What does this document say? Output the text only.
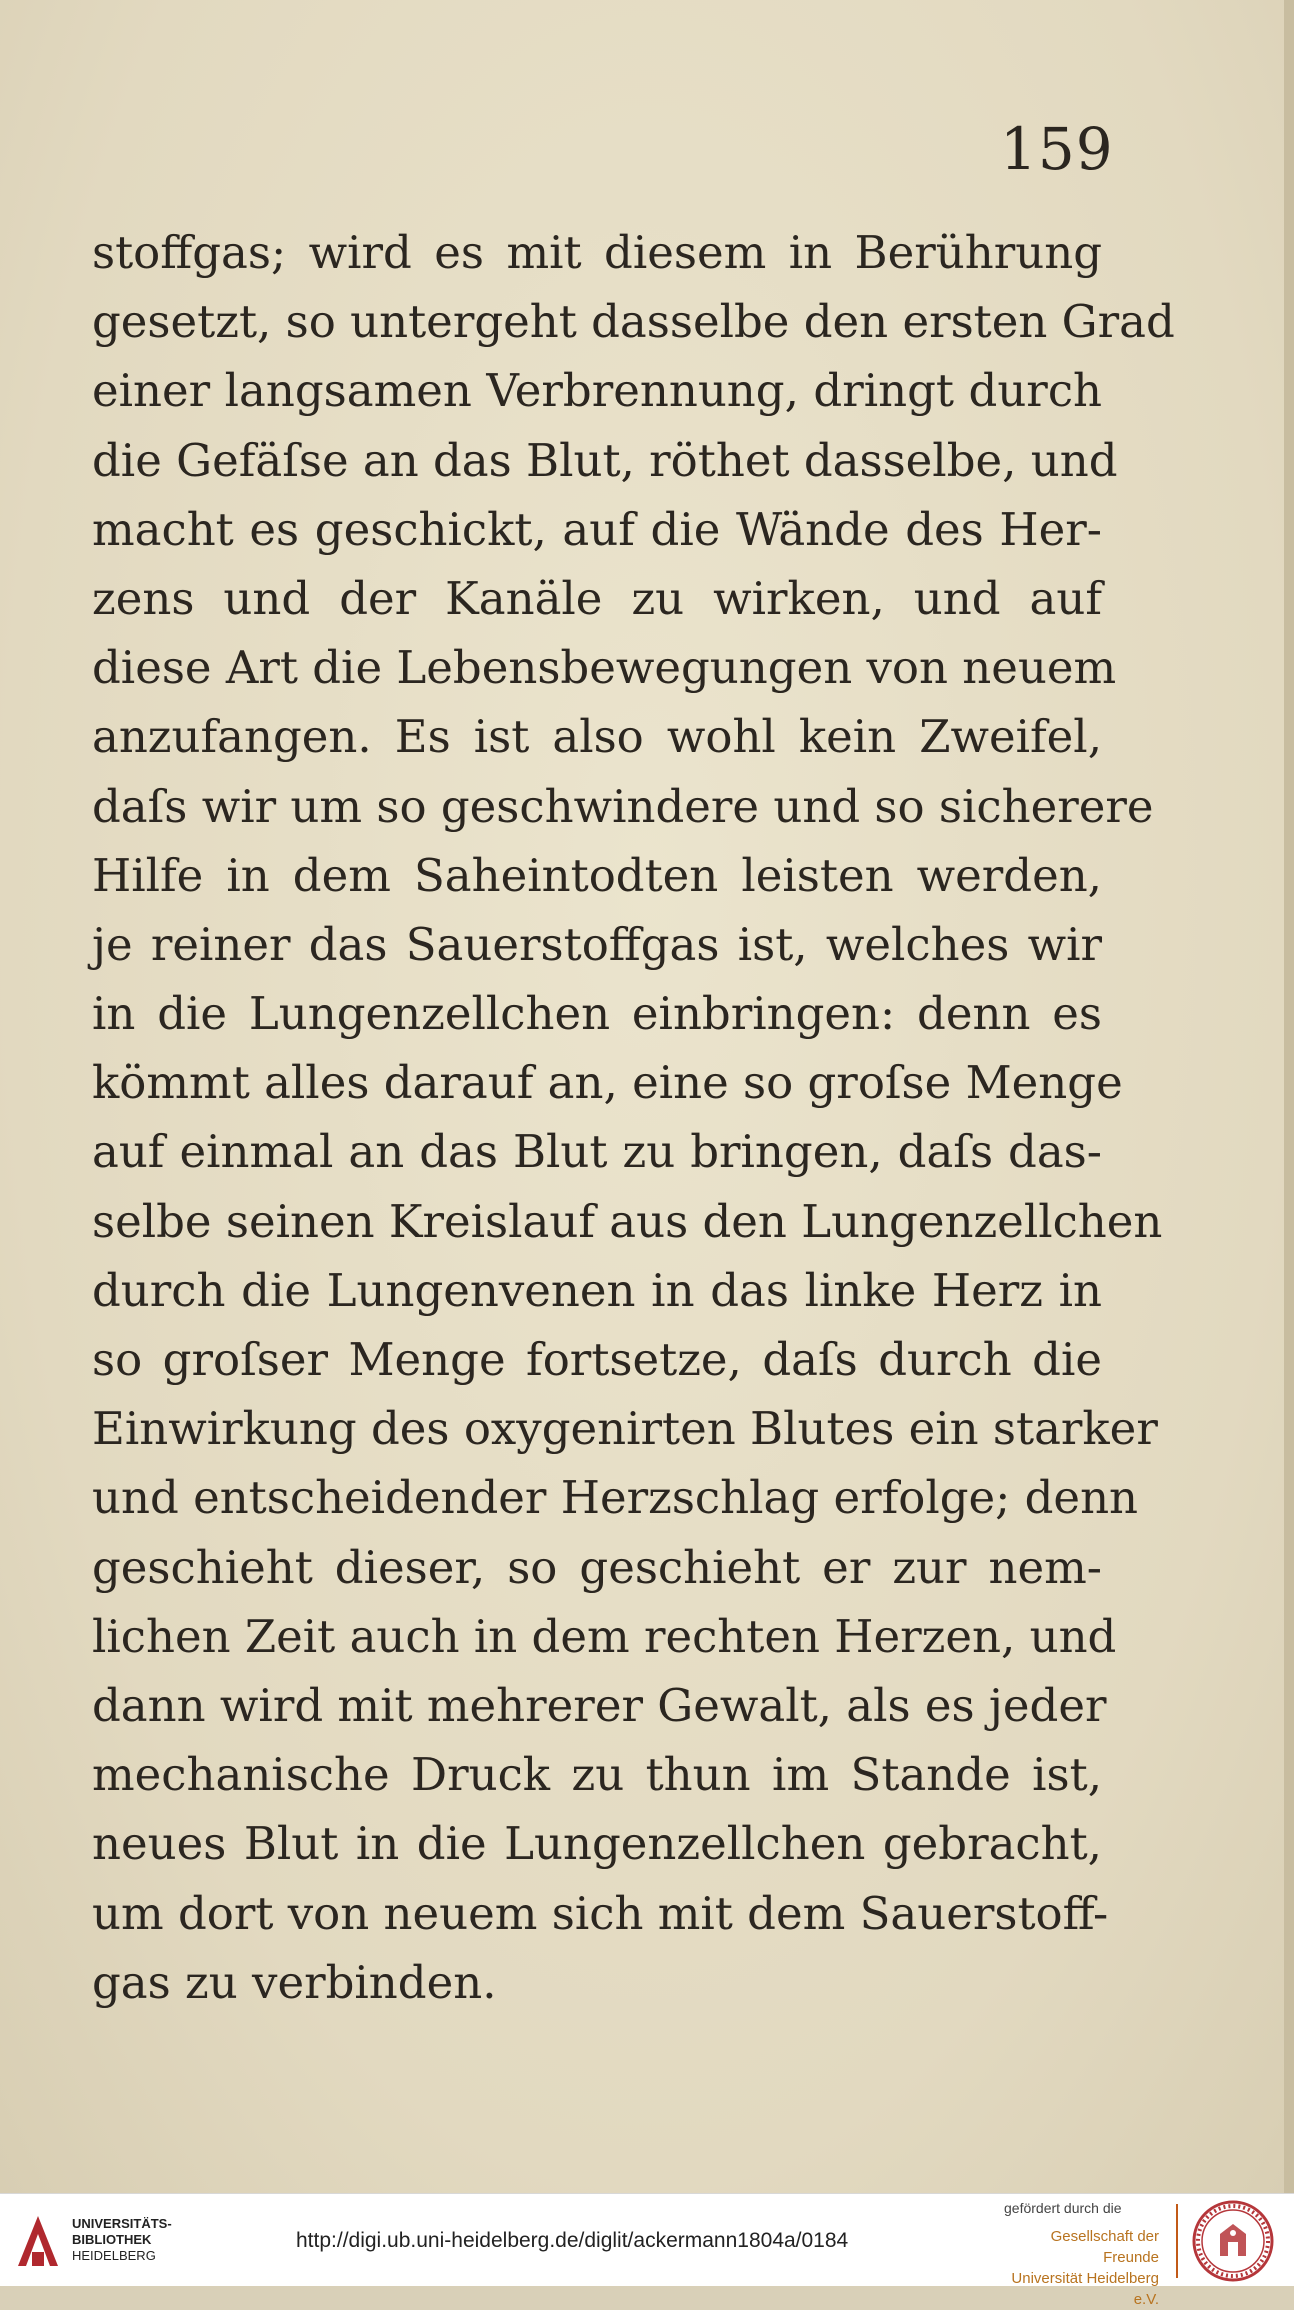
159
stoffgas; wird es mit diesem in Berührung
gesetzt, so untergeht dasselbe den ersten Grad
einer langsamen Verbrennung, dringt durch
die Gefäſse an das Blut, röthet dasselbe, und
macht es geschickt, auf die Wände des Her-
zens und der Kanäle zu wirken, und auf
diese Art die Lebensbewegungen von neuem
anzufangen. Es ist also wohl kein Zweifel,
daſs wir um so geschwindere und so sicherere
Hilfe in dem Saheintodten leisten werden,
je reiner das Sauerstoffgas ist, welches wir
in die Lungenzellchen einbringen: denn es
kömmt alles darauf an, eine so groſse Menge
auf einmal an das Blut zu bringen, daſs das-
selbe seinen Kreislauf aus den Lungenzellchen
durch die Lungenvenen in das linke Herz in
so groſser Menge fortsetze, daſs durch die
Einwirkung des oxygenirten Blutes ein starker
und entscheidender Herzschlag erfolge; denn
geschieht dieser, so geschieht er zur nem-
lichen Zeit auch in dem rechten Herzen, und
dann wird mit mehrerer Gewalt, als es jeder
mechanische Druck zu thun im Stande ist,
neues Blut in die Lungenzellchen gebracht,
um dort von neuem sich mit dem Sauerstoff-
gas zu verbinden.
UNIVERSITÄTS-
BIBLIOTHEK
HEIDELBERG
http://digi.ub.uni-heidelberg.de/diglit/ackermann1804a/0184
gefördert durch die
Gesellschaft der Freunde
Universität Heidelberg e.V.
